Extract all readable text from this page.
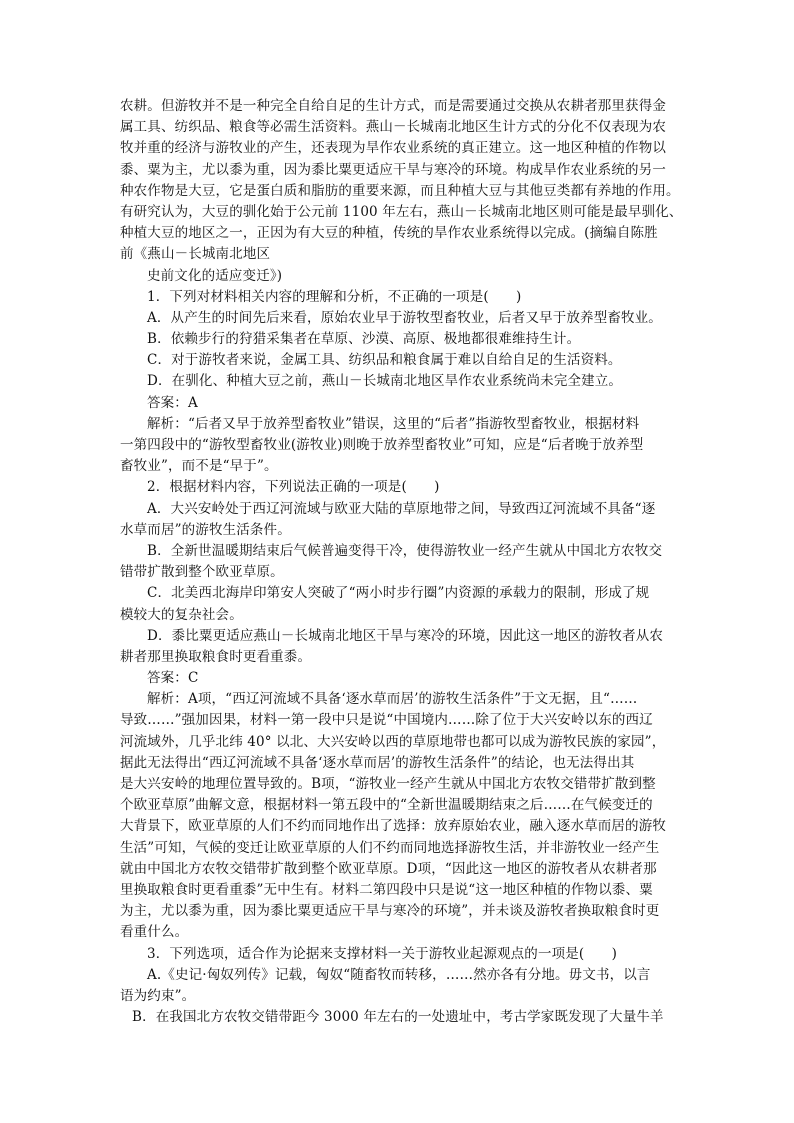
农耕。但游牧并不是一种完全自给自足的生计方式，而是需要通过交换从农耕者那里获得金
属工具、纺织品、粮食等必需生活资料。燕山－长城南北地区生计方式的分化不仅表现为农
牧并重的经济与游牧业的产生，还表现为旱作农业系统的真正建立。这一地区种植的作物以
黍、粟为主，尤以黍为重，因为黍比粟更适应干旱与寒冷的环境。构成旱作农业系统的另一
种农作物是大豆，它是蛋白质和脂肪的重要来源，而且种植大豆与其他豆类都有养地的作用。
有研究认为，大豆的驯化始于公元前 1100 年左右，燕山－长城南北地区则可能是最早驯化、
种植大豆的地区之一，正因为有大豆的种植，传统的旱作农业系统得以完成。(摘编自陈胜
前《燕山－长城南北地区
史前文化的适应变迁》)
1．下列对材料相关内容的理解和分析，不正确的一项是(　　)
A．从产生的时间先后来看，原始农业早于游牧型畜牧业，后者又早于放养型畜牧业。
B．依赖步行的狩猎采集者在草原、沙漠、高原、极地都很难维持生计。
C．对于游牧者来说，金属工具、纺织品和粮食属于难以自给自足的生活资料。
D．在驯化、种植大豆之前，燕山－长城南北地区旱作农业系统尚未完全建立。
答案：A
解析：“后者又早于放养型畜牧业”错误，这里的“后者”指游牧型畜牧业，根据材料
一第四段中的“游牧型畜牧业(游牧业)则晚于放养型畜牧业”可知，应是“后者晚于放养型
畜牧业”，而不是“早于”。
2．根据材料内容，下列说法正确的一项是(　　)
A．大兴安岭处于西辽河流域与欧亚大陆的草原地带之间，导致西辽河流域不具备“逐
水草而居”的游牧生活条件。
B．全新世温暖期结束后气候普遍变得干冷，使得游牧业一经产生就从中国北方农牧交
错带扩散到整个欧亚草原。
C．北美西北海岸印第安人突破了“两小时步行圈”内资源的承载力的限制，形成了规
模较大的复杂社会。
D．黍比粟更适应燕山－长城南北地区干旱与寒冷的环境，因此这一地区的游牧者从农
耕者那里换取粮食时更看重黍。
答案：C
解析：A项，“西辽河流域不具备‘逐水草而居’的游牧生活条件”于文无据，且“……
导致……”强加因果，材料一第一段中只是说“中国境内……除了位于大兴安岭以东的西辽
河流域外，几乎北纬 40° 以北、大兴安岭以西的草原地带也都可以成为游牧民族的家园”，
据此无法得出“西辽河流域不具备‘逐水草而居’的游牧生活条件”的结论，也无法得出其
是大兴安岭的地理位置导致的。B项，“游牧业一经产生就从中国北方农牧交错带扩散到整
个欧亚草原”曲解文意，根据材料一第五段中的“全新世温暖期结束之后……在气候变迁的
大背景下，欧亚草原的人们不约而同地作出了选择：放弃原始农业，融入逐水草而居的游牧
生活”可知，气候的变迁让欧亚草原的人们不约而同地选择游牧生活，并非游牧业一经产生
就由中国北方农牧交错带扩散到整个欧亚草原。D项，“因此这一地区的游牧者从农耕者那
里换取粮食时更看重黍”无中生有。材料二第四段中只是说“这一地区种植的作物以黍、粟
为主，尤以黍为重，因为黍比粟更适应干旱与寒冷的环境”，并未谈及游牧者换取粮食时更
看重什么。
3．下列选项，适合作为论据来支撑材料一关于游牧业起源观点的一项是(　　)
A.《史记·匈奴列传》记载，匈奴“随畜牧而转移，……然亦各有分地。毋文书，以言
语为约束”。
B．在我国北方农牧交错带距今 3000 年左右的一处遗址中，考古学家既发现了大量牛羊
